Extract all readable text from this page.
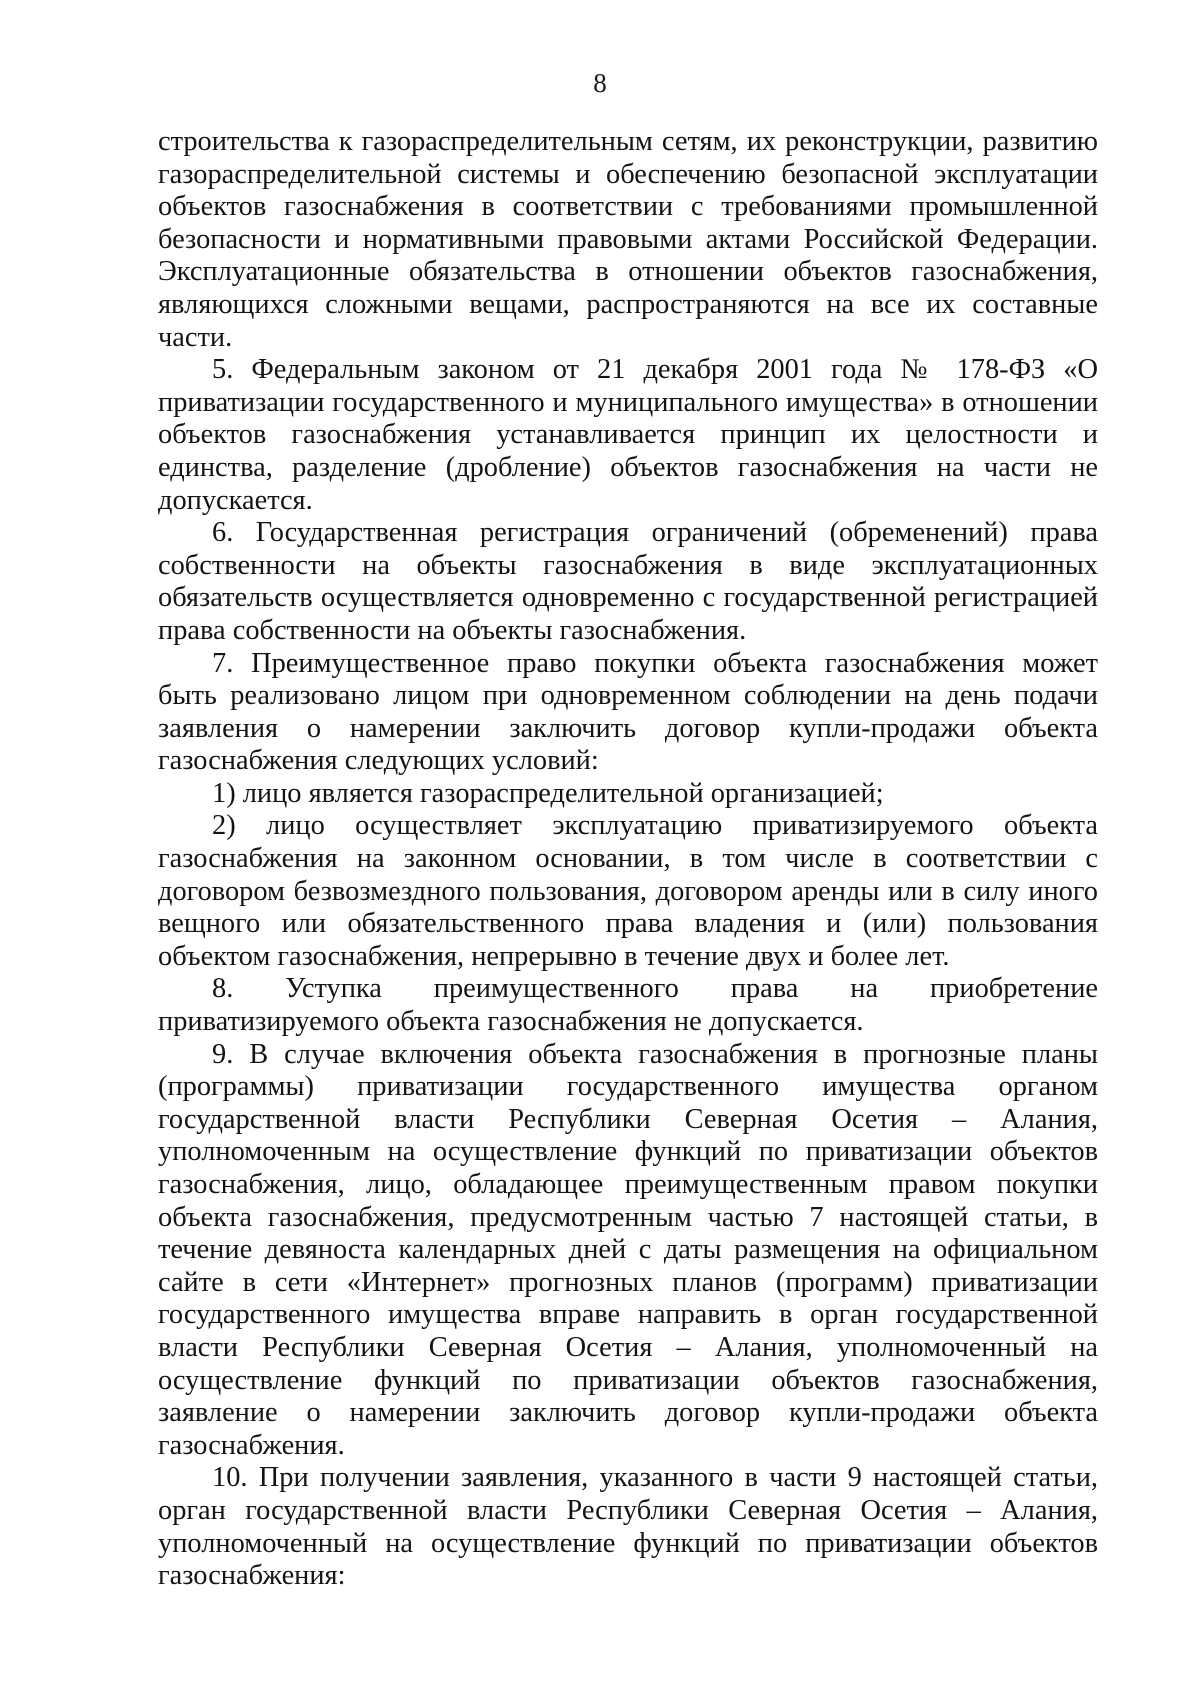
8

строительства к газораспределительным сетям, их реконструкции, развитию газораспределительной системы и обеспечению безопасной эксплуатации объектов газоснабжения в соответствии с требованиями промышленной безопасности и нормативными правовыми актами Российской Федерации. Эксплуатационные обязательства в отношении объектов газоснабжения, являющихся сложными вещами, распространяются на все их составные части.

5. Федеральным законом от 21 декабря 2001 года № 178-ФЗ «О приватизации государственного и муниципального имущества» в отношении объектов газоснабжения устанавливается принцип их целостности и единства, разделение (дробление) объектов газоснабжения на части не допускается.

6. Государственная регистрация ограничений (обременений) права собственности на объекты газоснабжения в виде эксплуатационных обязательств осуществляется одновременно с государственной регистрацией права собственности на объекты газоснабжения.

7. Преимущественное право покупки объекта газоснабжения может быть реализовано лицом при одновременном соблюдении на день подачи заявления о намерении заключить договор купли-продажи объекта газоснабжения следующих условий:

1) лицо является газораспределительной организацией;

2) лицо осуществляет эксплуатацию приватизируемого объекта газоснабжения на законном основании, в том числе в соответствии с договором безвозмездного пользования, договором аренды или в силу иного вещного или обязательственного права владения и (или) пользования объектом газоснабжения, непрерывно в течение двух и более лет.

8. Уступка преимущественного права на приобретение приватизируемого объекта газоснабжения не допускается.

9. В случае включения объекта газоснабжения в прогнозные планы (программы) приватизации государственного имущества органом государственной власти Республики Северная Осетия – Алания, уполномоченным на осуществление функций по приватизации объектов газоснабжения, лицо, обладающее преимущественным правом покупки объекта газоснабжения, предусмотренным частью 7 настоящей статьи, в течение девяноста календарных дней с даты размещения на официальном сайте в сети «Интернет» прогнозных планов (программ) приватизации государственного имущества вправе направить в орган государственной власти Республики Северная Осетия – Алания, уполномоченный на осуществление функций по приватизации объектов газоснабжения, заявление о намерении заключить договор купли-продажи объекта газоснабжения.

10. При получении заявления, указанного в части 9 настоящей статьи, орган государственной власти Республики Северная Осетия – Алания, уполномоченный на осуществление функций по приватизации объектов газоснабжения:
